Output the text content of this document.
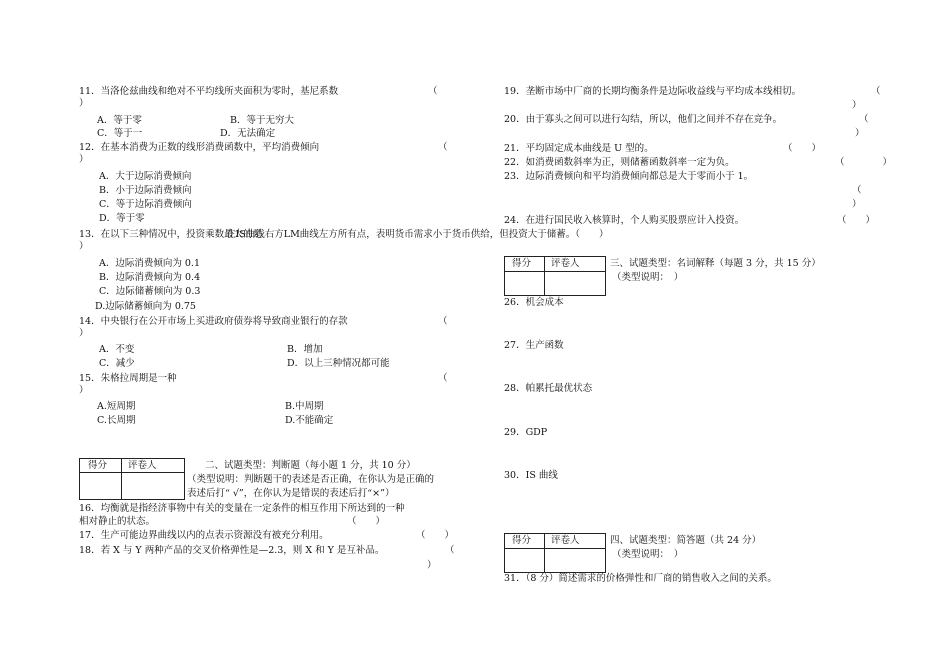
11．当洛伦兹曲线和绝对不平均线所夹面积为零时，基尼系数	（
）
A．等于零	B．等于无穷大
C．等于一	D．无法确定
12．在基本消费为正数的线形消费函数中，平均消费倾向	（
）
A．大于边际消费倾向
B．小于边际消费倾向
C．等于边际消费倾向
D．等于零
13．在以下三种情况中，投资乘数最大的是
在IS曲线右方LM曲线左方所有点，表明货币需求小于货币供给，但投资大于储蓄。（　　）
）
A．边际消费倾向为 0.1
B．边际消费倾向为 0.4
C．边际储蓄倾向为 0.3
D.边际储蓄倾向为 0.75
14．中央银行在公开市场上买进政府债券将导致商业银行的存款	（
）
A．不变	B．增加
C．减少	D．以上三种情况都可能
15．朱格拉周期是一种	（
）
A.短周期	B.中周期
C.长周期	D.不能确定
得分 评卷人	二、试题类型：判断题（每小题 1 分，共 10 分）
（类型说明：判断题干的表述是否正确，在你认为是正确的
表述后打“ √”，在你认为是错误的表述后打“×”）
16．均衡就是指经济事物中有关的变量在一定条件的相互作用下所达到的一种
相对静止的状态。	（　　）
17．生产可能边界曲线以内的点表示资源没有被充分利用。	（　　）
18．若 X 与 Y 两种产品的交叉价格弹性是—2.3，则 X 和 Y 是互补品。	（
）
19．垄断市场中厂商的长期均衡条件是边际收益线与平均成本线相切。	（
）
20．由于寡头之间可以进行勾结，所以，他们之间并不存在竞争。	（
）
21．平均固定成本曲线是 U 型的。	（　　）
22．如消费函数斜率为正，则储蓄函数斜率一定为负。	（　　　　）
23．边际消费倾向和平均消费倾向都总是大于零而小于 1。
（
）
24．在进行国民收入核算时，个人购买股票应计入投资。	（　　）
得分 评卷人	三、试题类型：名词解释（每题 3 分，共 15 分）
（类型说明：　）
26．机会成本
27．生产函数
28．帕累托最优状态
29．GDP
30．IS 曲线
得分 评卷人	四、试题类型：简答题（共 24 分）
（类型说明：　）
31．（8 分）简述需求的价格弹性和厂商的销售收入之间的关系。
